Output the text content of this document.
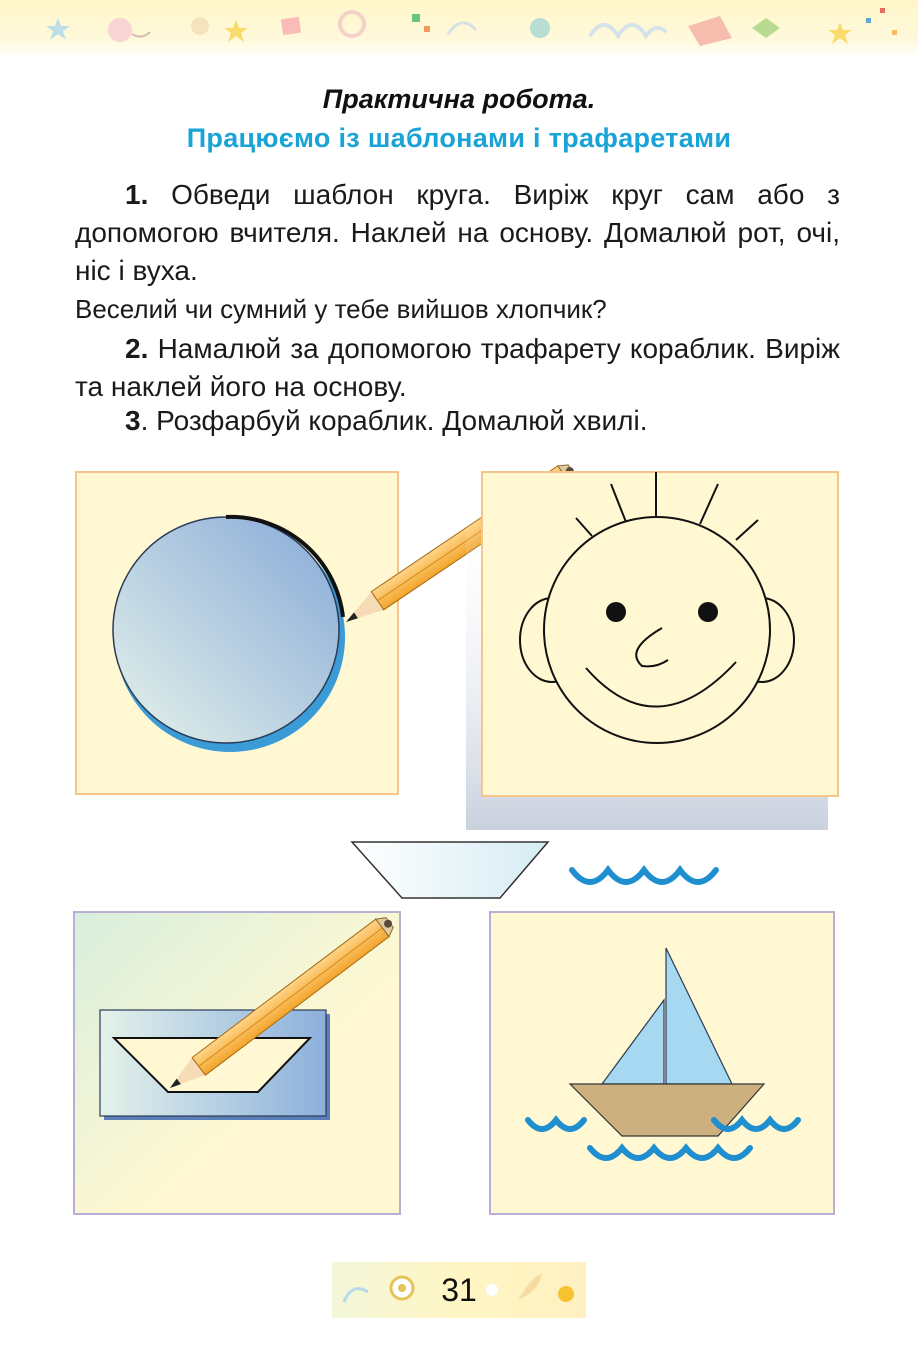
Практична робота.
Працюємо із шаблонами і трафаретами
1. Обведи шаблон круга. Виріж круг сам або з допомогою вчителя. Наклей на основу. Домалюй рот, очі, ніс і вуха.
Веселий чи сумний у тебе вийшов хлопчик?
2. Намалюй за допомогою трафарету кораблик. Виріж та наклей його на основу.
3. Розфарбуй кораблик. Домалюй хвилі.
31
